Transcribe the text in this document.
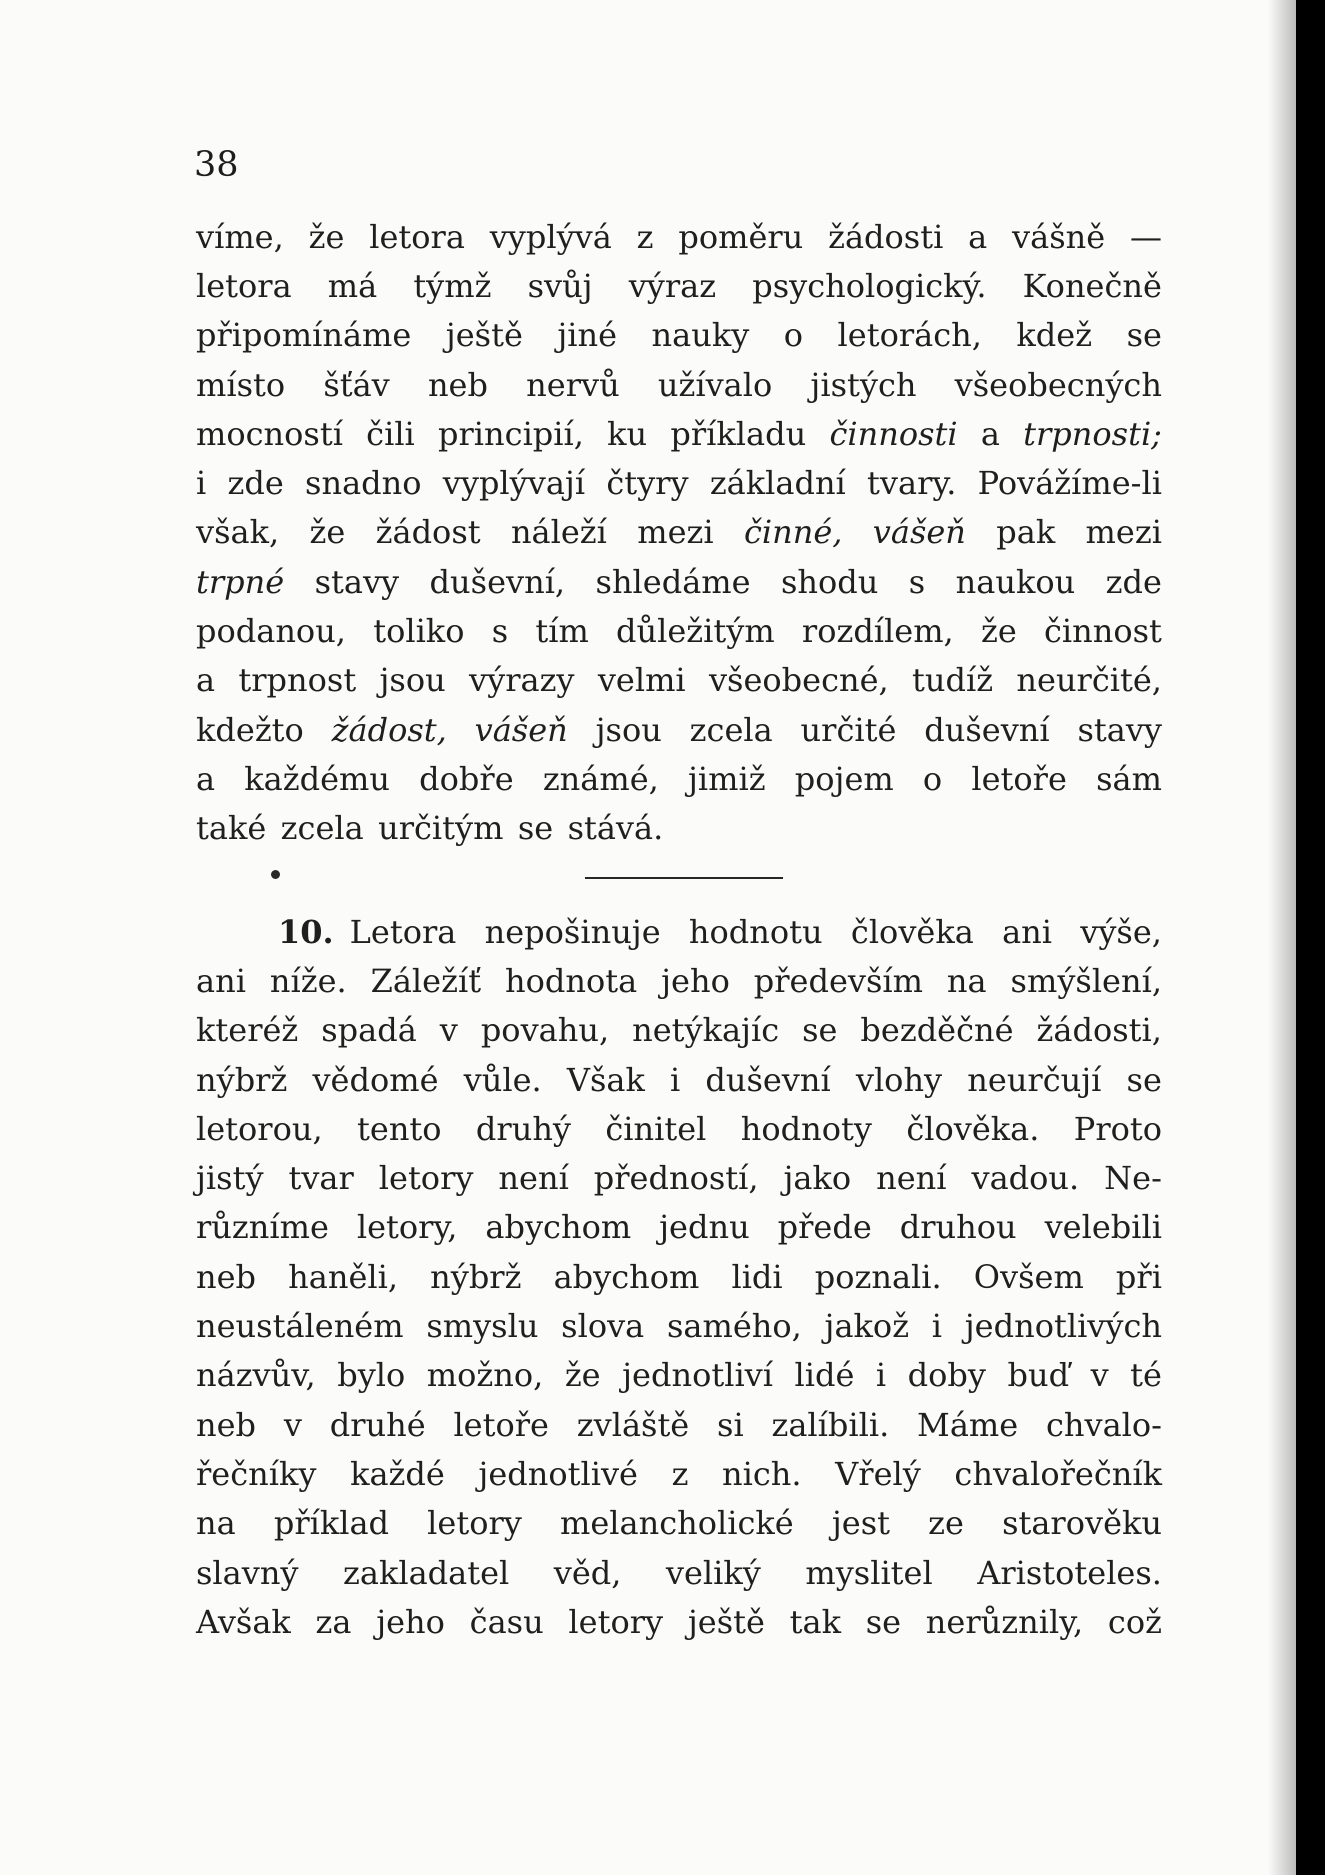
38
víme, že letora vyplývá z poměru žádosti a vášně —
letora má týmž svůj výraz psychologický. Konečně
připomínáme ještě jiné nauky o letorách, kdež se
místo šťáv neb nervů užívalo jistých všeobecných
mocností čili principií, ku příkladu činnosti a trpnosti;
i zde snadno vyplývají čtyry základní tvary. Povážíme-li
však, že žádost náleží mezi činné, vášeň pak mezi
trpné stavy duševní, shledáme shodu s naukou zde
podanou, toliko s tím důležitým rozdílem, že činnost
a trpnost jsou výrazy velmi všeobecné, tudíž neurčité,
kdežto žádost, vášeň jsou zcela určité duševní stavy
a každému dobře známé, jimiž pojem o letoře sám
také zcela určitým se stává.
10. Letora nepošinuje hodnotu člověka ani výše,
ani níže. Záležíť hodnota jeho především na smýšlení,
kteréž spadá v povahu, netýkajíc se bezděčné žádosti,
nýbrž vědomé vůle. Však i duševní vlohy neurčují se
letorou, tento druhý činitel hodnoty člověka. Proto
jistý tvar letory není předností, jako není vadou. Ne-
různíme letory, abychom jednu přede druhou velebili
neb haněli, nýbrž abychom lidi poznali. Ovšem při
neustáleném smyslu slova samého, jakož i jednotlivých
názvův, bylo možno, že jednotliví lidé i doby buď v té
neb v druhé letoře zvláště si zalíbili. Máme chvalo-
řečníky každé jednotlivé z nich. Vřelý chvalořečník
na příklad letory melancholické jest ze starověku
slavný zakladatel věd, veliký myslitel Aristoteles.
Avšak za jeho času letory ještě tak se nerůznily, což
